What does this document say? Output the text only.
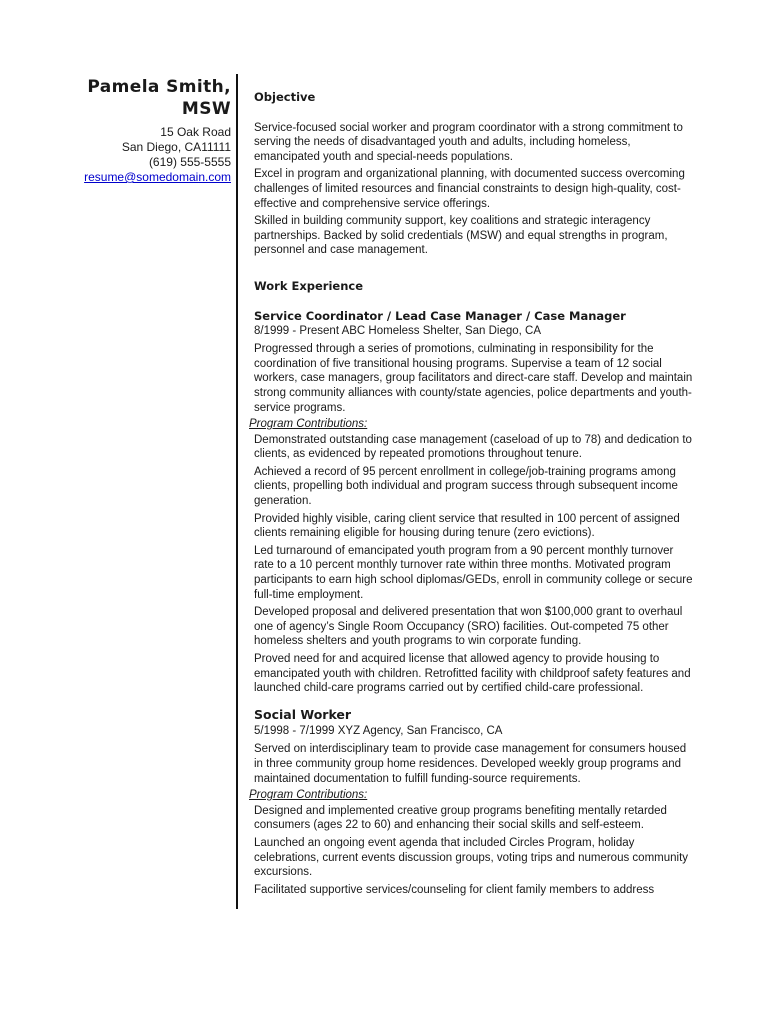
Pamela Smith,
MSW
15 Oak Road
San Diego, CA11111
(619) 555-5555
resume@somedomain.com
Objective

Service-focused social worker and program coordinator with a strong commitment to serving the needs of disadvantaged youth and adults, including homeless, emancipated youth and special-needs populations.

Excel in program and organizational planning, with documented success overcoming challenges of limited resources and financial constraints to design high-quality, cost-effective and comprehensive service offerings.

Skilled in building community support, key coalitions and strategic interagency partnerships. Backed by solid credentials (MSW) and equal strengths in program, personnel and case management.

Work Experience
Service Coordinator / Lead Case Manager / Case Manager

8/1999 - Present ABC Homeless Shelter, San Diego, CA

Progressed through a series of promotions, culminating in responsibility for the coordination of five transitional housing programs. Supervise a team of 12 social workers, case managers, group facilitators and direct-care staff. Develop and maintain strong community alliances with county/state agencies, police departments and youth-service programs.

Program Contributions:

Demonstrated outstanding case management (caseload of up to 78) and dedication to clients, as evidenced by repeated promotions throughout tenure.

Achieved a record of 95 percent enrollment in college/job-training programs among clients, propelling both individual and program success through subsequent income generation.

Provided highly visible, caring client service that resulted in 100 percent of assigned clients remaining eligible for housing during tenure (zero evictions).

Led turnaround of emancipated youth program from a 90 percent monthly turnover rate to a 10 percent monthly turnover rate within three months. Motivated program participants to earn high school diplomas/GEDs, enroll in community college or secure full-time employment.

Developed proposal and delivered presentation that won $100,000 grant to overhaul one of agency’s Single Room Occupancy (SRO) facilities. Out-competed 75 other homeless shelters and youth programs to win corporate funding.

Proved need for and acquired license that allowed agency to provide housing to emancipated youth with children. Retrofitted facility with childproof safety features and launched child-care programs carried out by certified child-care professional.

Social Worker

5/1998 - 7/1999 XYZ Agency, San Francisco, CA

Served on interdisciplinary team to provide case management for consumers housed in three community group home residences. Developed weekly group programs and maintained documentation to fulfill funding-source requirements.

Program Contributions:

Designed and implemented creative group programs benefiting mentally retarded consumers (ages 22 to 60) and enhancing their social skills and self-esteem.

Launched an ongoing event agenda that included Circles Program, holiday celebrations, current events discussion groups, voting trips and numerous community excursions.

Facilitated supportive services/counseling for client family members to address
